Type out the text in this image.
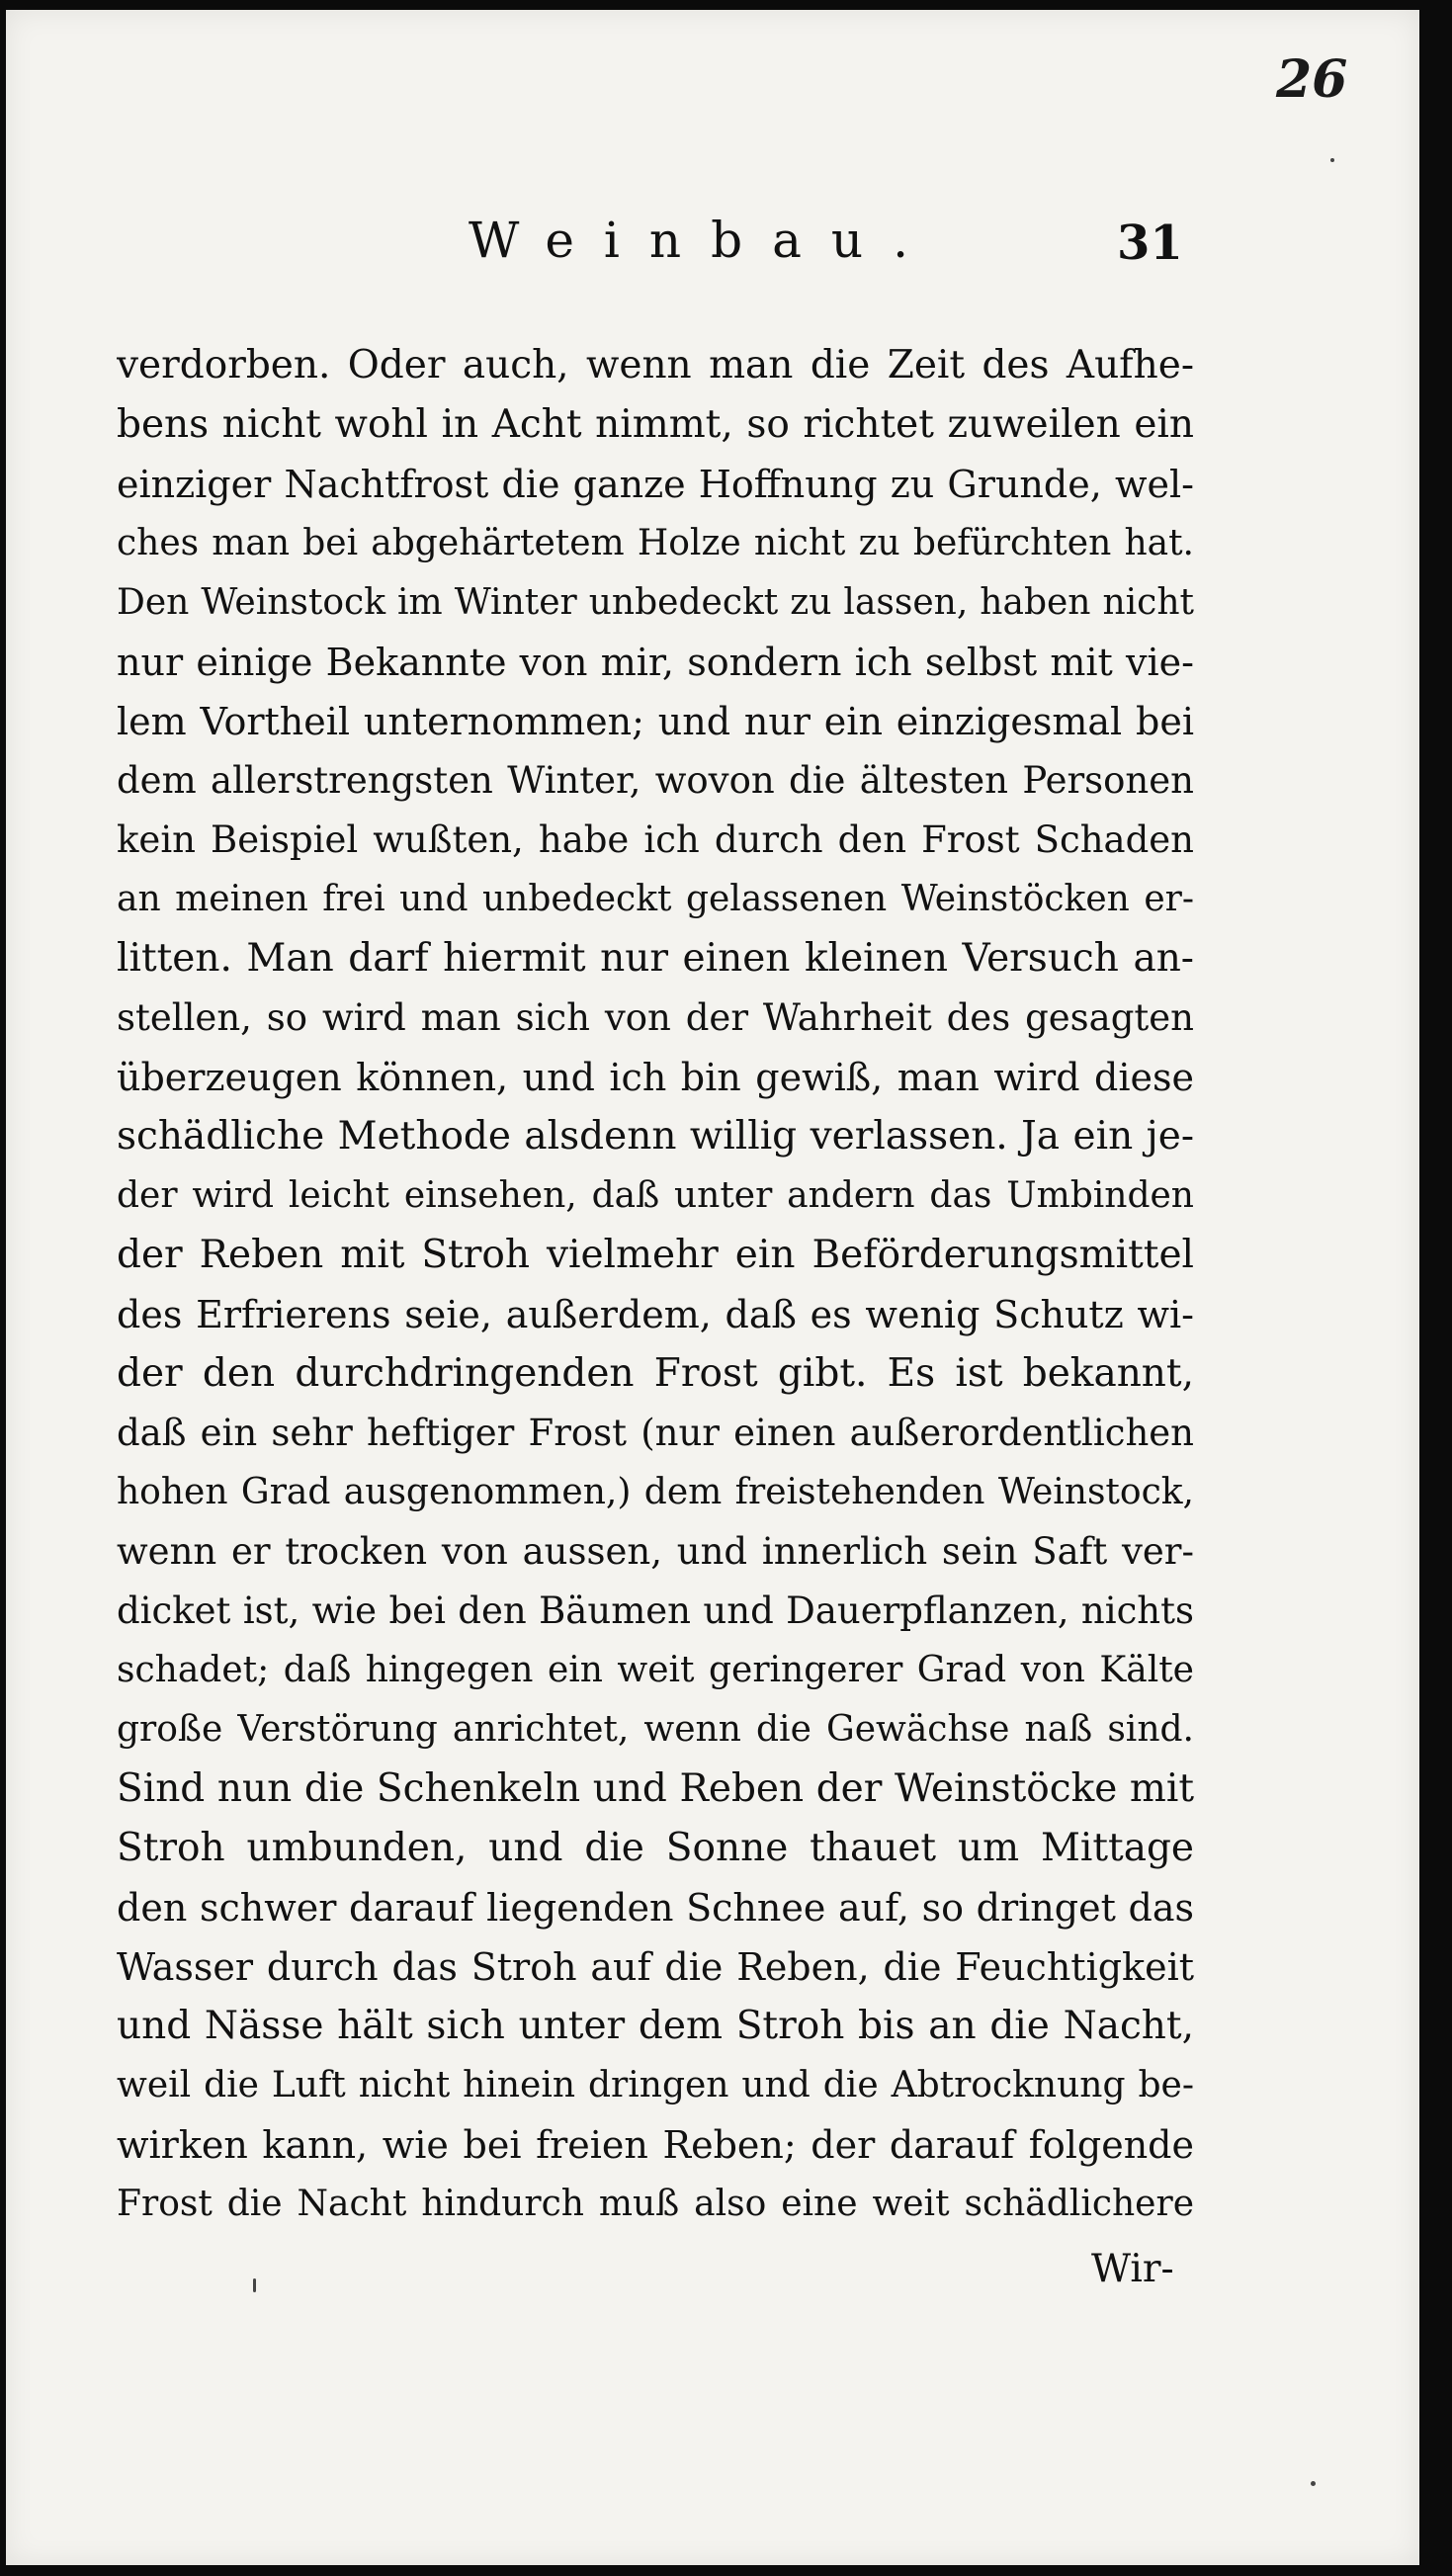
26
Weinbau.	31
verdorben. Oder auch, wenn man die Zeit des Aufhe-
bens nicht wohl in Acht nimmt, so richtet zuweilen ein
einziger Nachtfrost die ganze Hoffnung zu Grunde, wel-
ches man bei abgehärtetem Holze nicht zu befürchten hat.
Den Weinstock im Winter unbedeckt zu lassen, haben nicht
nur einige Bekannte von mir, sondern ich selbst mit vie-
lem Vortheil unternommen; und nur ein einzigesmal bei
dem allerstrengsten Winter, wovon die ältesten Personen
kein Beispiel wußten, habe ich durch den Frost Schaden
an meinen frei und unbedeckt gelassenen Weinstöcken er-
litten. Man darf hiermit nur einen kleinen Versuch an-
stellen, so wird man sich von der Wahrheit des gesagten
überzeugen können, und ich bin gewiß, man wird diese
schädliche Methode alsdenn willig verlassen. Ja ein je-
der wird leicht einsehen, daß unter andern das Umbinden
der Reben mit Stroh vielmehr ein Beförderungsmittel
des Erfrierens seie, außerdem, daß es wenig Schutz wi-
der den durchdringenden Frost gibt. Es ist bekannt,
daß ein sehr heftiger Frost (nur einen außerordentlichen
hohen Grad ausgenommen,) dem freistehenden Weinstock,
wenn er trocken von aussen, und innerlich sein Saft ver-
dicket ist, wie bei den Bäumen und Dauerpflanzen, nichts
schadet; daß hingegen ein weit geringerer Grad von Kälte
große Verstörung anrichtet, wenn die Gewächse naß sind.
Sind nun die Schenkeln und Reben der Weinstöcke mit
Stroh umbunden, und die Sonne thauet um Mittage
den schwer darauf liegenden Schnee auf, so dringet das
Wasser durch das Stroh auf die Reben, die Feuchtigkeit
und Nässe hält sich unter dem Stroh bis an die Nacht,
weil die Luft nicht hinein dringen und die Abtrocknung be-
wirken kann, wie bei freien Reben; der darauf folgende
Frost die Nacht hindurch muß also eine weit schädlichere
Wir-
